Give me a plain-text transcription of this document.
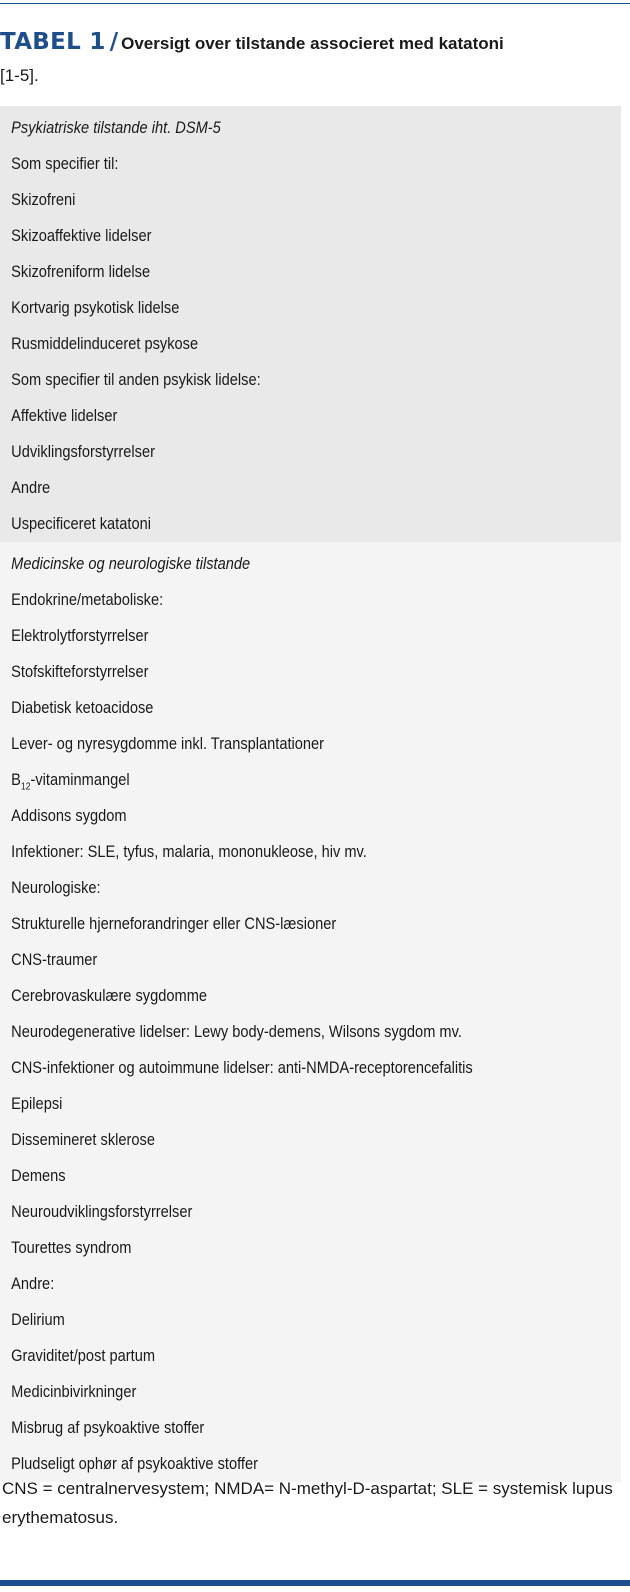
TABEL 1 / Oversigt over tilstande associeret med katatoni
[1-5].
Psykiatriske tilstande iht. DSM-5
Som specifier til:
Skizofreni
Skizoaffektive lidelser
Skizofreniform lidelse
Kortvarig psykotisk lidelse
Rusmiddelinduceret psykose
Som specifier til anden psykisk lidelse:
Affektive lidelser
Udviklingsforstyrrelser
Andre
Uspecificeret katatoni
Medicinske og neurologiske tilstande
Endokrine/metaboliske:
Elektrolytforstyrrelser
Stofskifteforstyrrelser
Diabetisk ketoacidose
Lever- og nyresygdomme inkl. Transplantationer
$B_{12}$-vitaminmangel
Addisons sygdom
Infektioner: SLE, tyfus, malaria, mononukleose, hiv mv.
Neurologiske:
Strukturelle hjerneforandringer eller CNS-læsioner
CNS-traumer
Cerebrovaskulære sygdomme
Neurodegenerative lidelser: Lewy body-demens, Wilsons sygdom mv.
CNS-infektioner og autoimmune lidelser: anti-NMDA-receptorencefalitis
Epilepsi
Dissemineret sklerose
Demens
Neuroudviklingsforstyrrelser
Tourettes syndrom
Andre:
Delirium
Graviditet/post partum
Medicinbivirkninger
Misbrug af psykoaktive stoffer
Pludseligt ophør af psykoaktive stoffer
CNS = centralnervesystem; NMDA= N-methyl-D-aspartat; SLE = systemisk lupus erythematosus.
